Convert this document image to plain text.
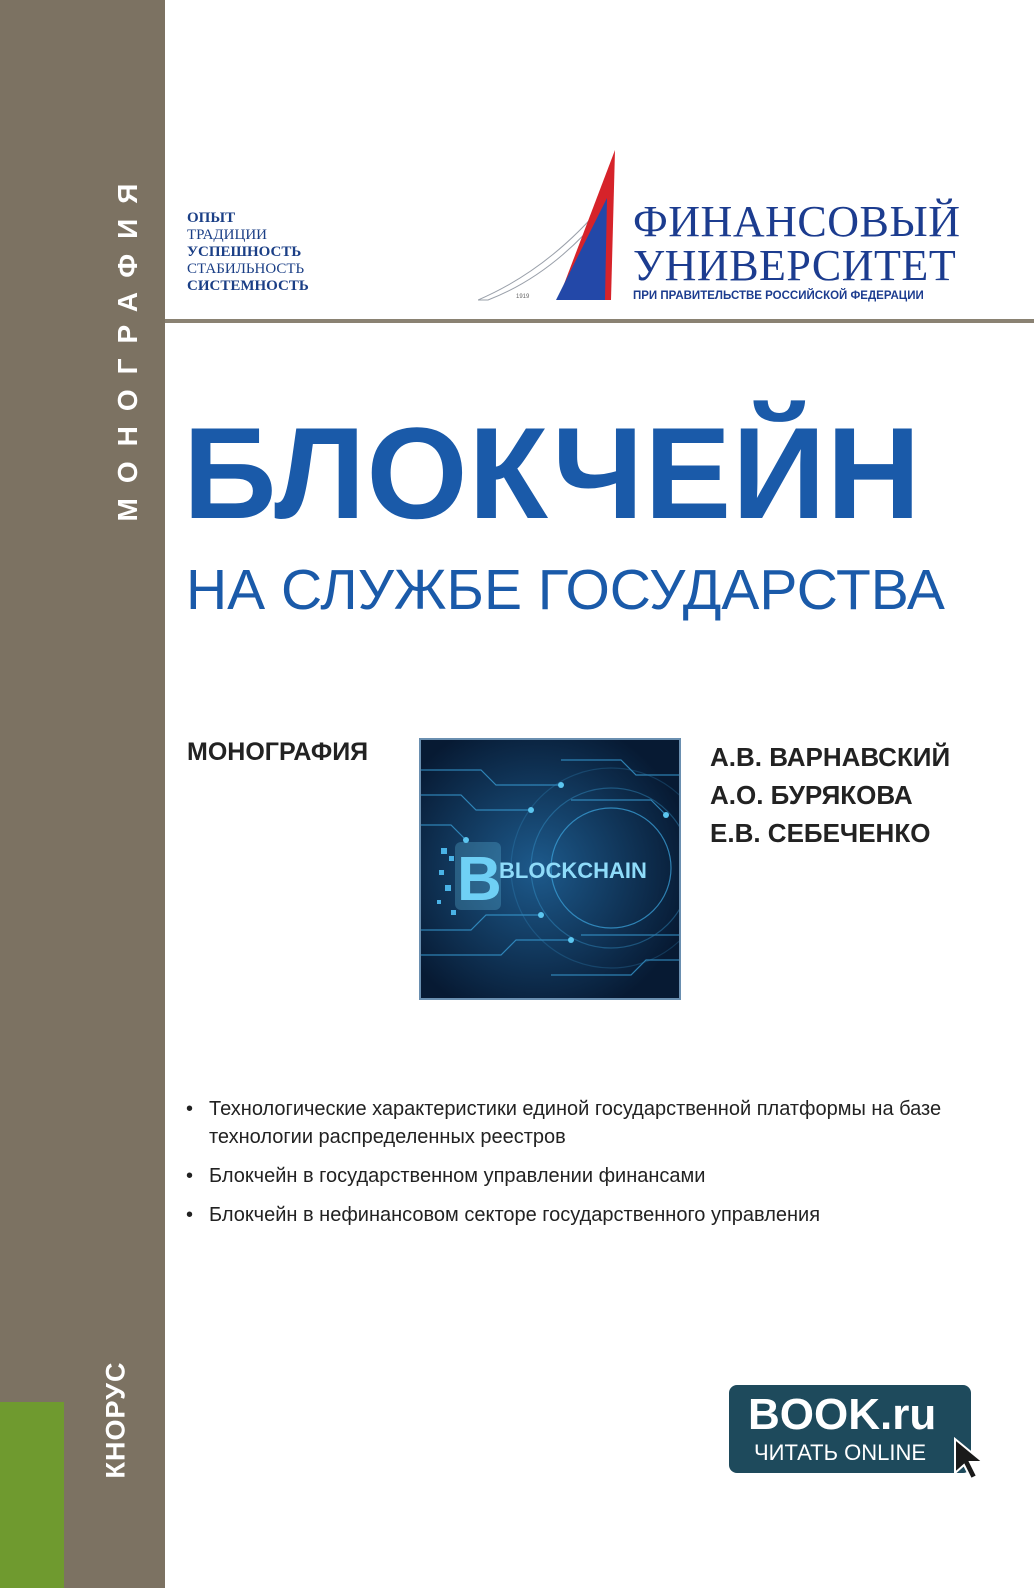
МОНОГРАФИЯ
КНОРУС
ОПЫТ
ТРАДИЦИИ
УСПЕШНОСТЬ
СТАБИЛЬНОСТЬ
СИСТЕМНОСТЬ
1919
ФИНАНСОВЫЙ
УНИВЕРСИТЕТ
ПРИ ПРАВИТЕЛЬСТВЕ РОССИЙСКОЙ ФЕДЕРАЦИИ
БЛОКЧЕЙН
НА СЛУЖБЕ ГОСУДАРСТВА
МОНОГРАФИЯ
B
BLOCKCHAIN
А.В. ВАРНАВСКИЙ
А.О. БУРЯКОВА
Е.В. СЕБЕЧЕНКО
• Технологические характеристики единой государственной платформы на базе технологии распределенных реестров
• Блокчейн в государственном управлении финансами
• Блокчейн в нефинансовом секторе государственного управления
BOOK.ru
ЧИТАТЬ ONLINE
